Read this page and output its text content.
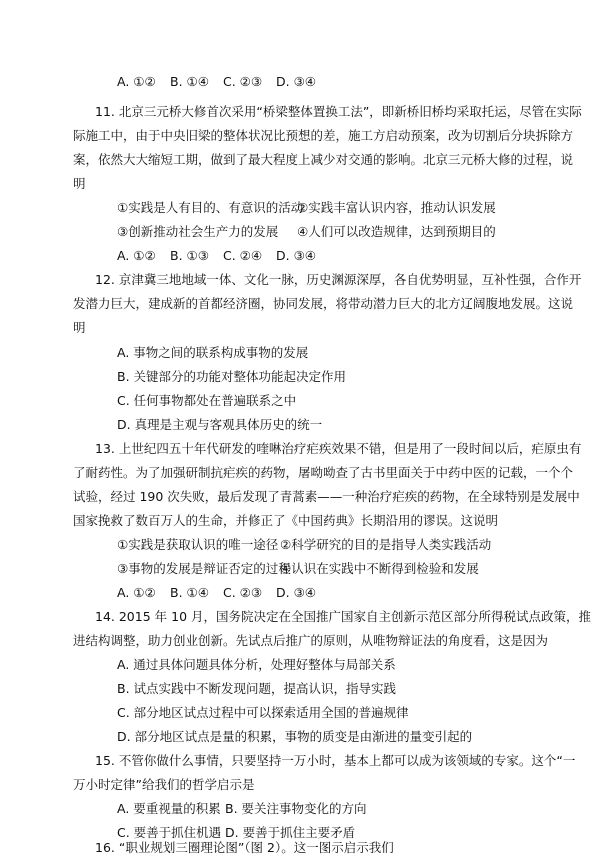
A. ①② B. ①④ C. ②③ D. ③④
11. 北京三元桥大修首次采用“桥梁整体置换工法”，即新桥旧桥均采取托运，尽管在实际
际施工中，由于中央旧梁的整体状况比预想的差，施工方启动预案，改为切割后分块拆除方
案，依然大大缩短工期，做到了最大程度上减少对交通的影响。北京三元桥大修的过程，说
明
①实践是人有目的、有意识的活动②实践丰富认识内容，推动认识发展
③创新推动社会生产力的发展 ④人们可以改造规律，达到预期目的
A. ①② B. ①③ C. ②④ D. ③④
12. 京津冀三地地域一体、文化一脉，历史渊源深厚，各自优势明显，互补性强，合作开
发潜力巨大，建成新的首都经济圈，协同发展，将带动潜力巨大的北方辽阔腹地发展。这说
明
A. 事物之间的联系构成事物的发展
B. 关键部分的功能对整体功能起决定作用
C. 任何事物都处在普遍联系之中
D. 真理是主观与客观具体历史的统一
13. 上世纪四五十年代研发的喹啉治疗疟疾效果不错，但是用了一段时间以后，疟原虫有
了耐药性。为了加强研制抗疟疾的药物，屠呦呦查了古书里面关于中药中医的记载，一个个
试验，经过 190 次失败，最后发现了青蒿素——一种治疗疟疾的药物，在全球特别是发展中
国家挽救了数百万人的生命，并修正了《中国药典》长期沿用的谬误。这说明
①实践是获取认识的唯一途径 ②科学研究的目的是指导人类实践活动
③事物的发展是辩证否定的过程④认识在实践中不断得到检验和发展
A. ①② B. ①④ C. ②③ D. ③④
14. 2015 年 10 月，国务院决定在全国推广国家自主创新示范区部分所得税试点政策，推
进结构调整，助力创业创新。先试点后推广的原则，从唯物辩证法的角度看，这是因为
A. 通过具体问题具体分析，处理好整体与局部关系
B. 试点实践中不断发现问题，提高认识，指导实践
C. 部分地区试点过程中可以探索适用全国的普遍规律
D. 部分地区试点是量的积累，事物的质变是由渐进的量变引起的
15. 不管你做什么事情，只要坚持一万小时，基本上都可以成为该领域的专家。这个“一
万小时定律”给我们的哲学启示是
A. 要重视量的积累 B. 要关注事物变化的方向
C. 要善于抓住机遇 D. 要善于抓住主要矛盾
16. “职业规划三圈理论图”（图 2）。这一图示启示我们
